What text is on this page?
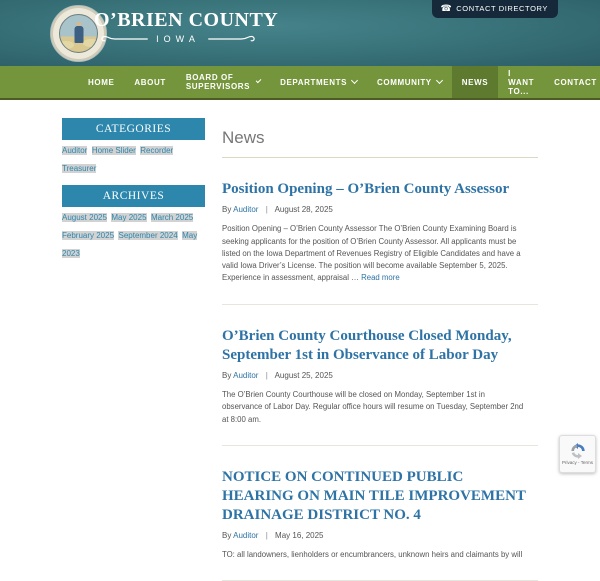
O’BRIEN COUNTY
IOWA
☎ CONTACT DIRECTORY
HOME	ABOUT	BOARD OF SUPERVISORS	DEPARTMENTS	COMMUNITY	NEWS
I WANT TO...
CONTACT
CATEGORIES
Auditor Home Slider Recorder Treasurer
ARCHIVES
August 2025 May 2025 March 2025 February 2025 September 2024 May 2023
News
Position Opening – O’Brien County Assessor
By Auditor | August 28, 2025

Position Opening – O’Brien County Assessor The O’Brien County Examining Board is seeking applicants for the position of O’Brien County Assessor. All applicants must be listed on the Iowa Department of Revenues Registry of Eligible Candidates and have a valid Iowa Driver’s License. The position will become available September 5, 2025. Experience in assessment, appraisal … Read more

O’Brien County Courthouse Closed Monday, September 1st in Observance of Labor Day
By Auditor | August 25, 2025

The O’Brien County Courthouse will be closed on Monday, September 1st in observance of Labor Day. Regular office hours will resume on Tuesday, September 2nd at 8:00 am.

NOTICE ON CONTINUED PUBLIC HEARING ON MAIN TILE IMPROVEMENT DRAINAGE DISTRICT NO. 4
By Auditor | May 16, 2025

TO: all landowners, lienholders or encumbrancers, unknown heirs and claimants by will

Privacy - Terms
